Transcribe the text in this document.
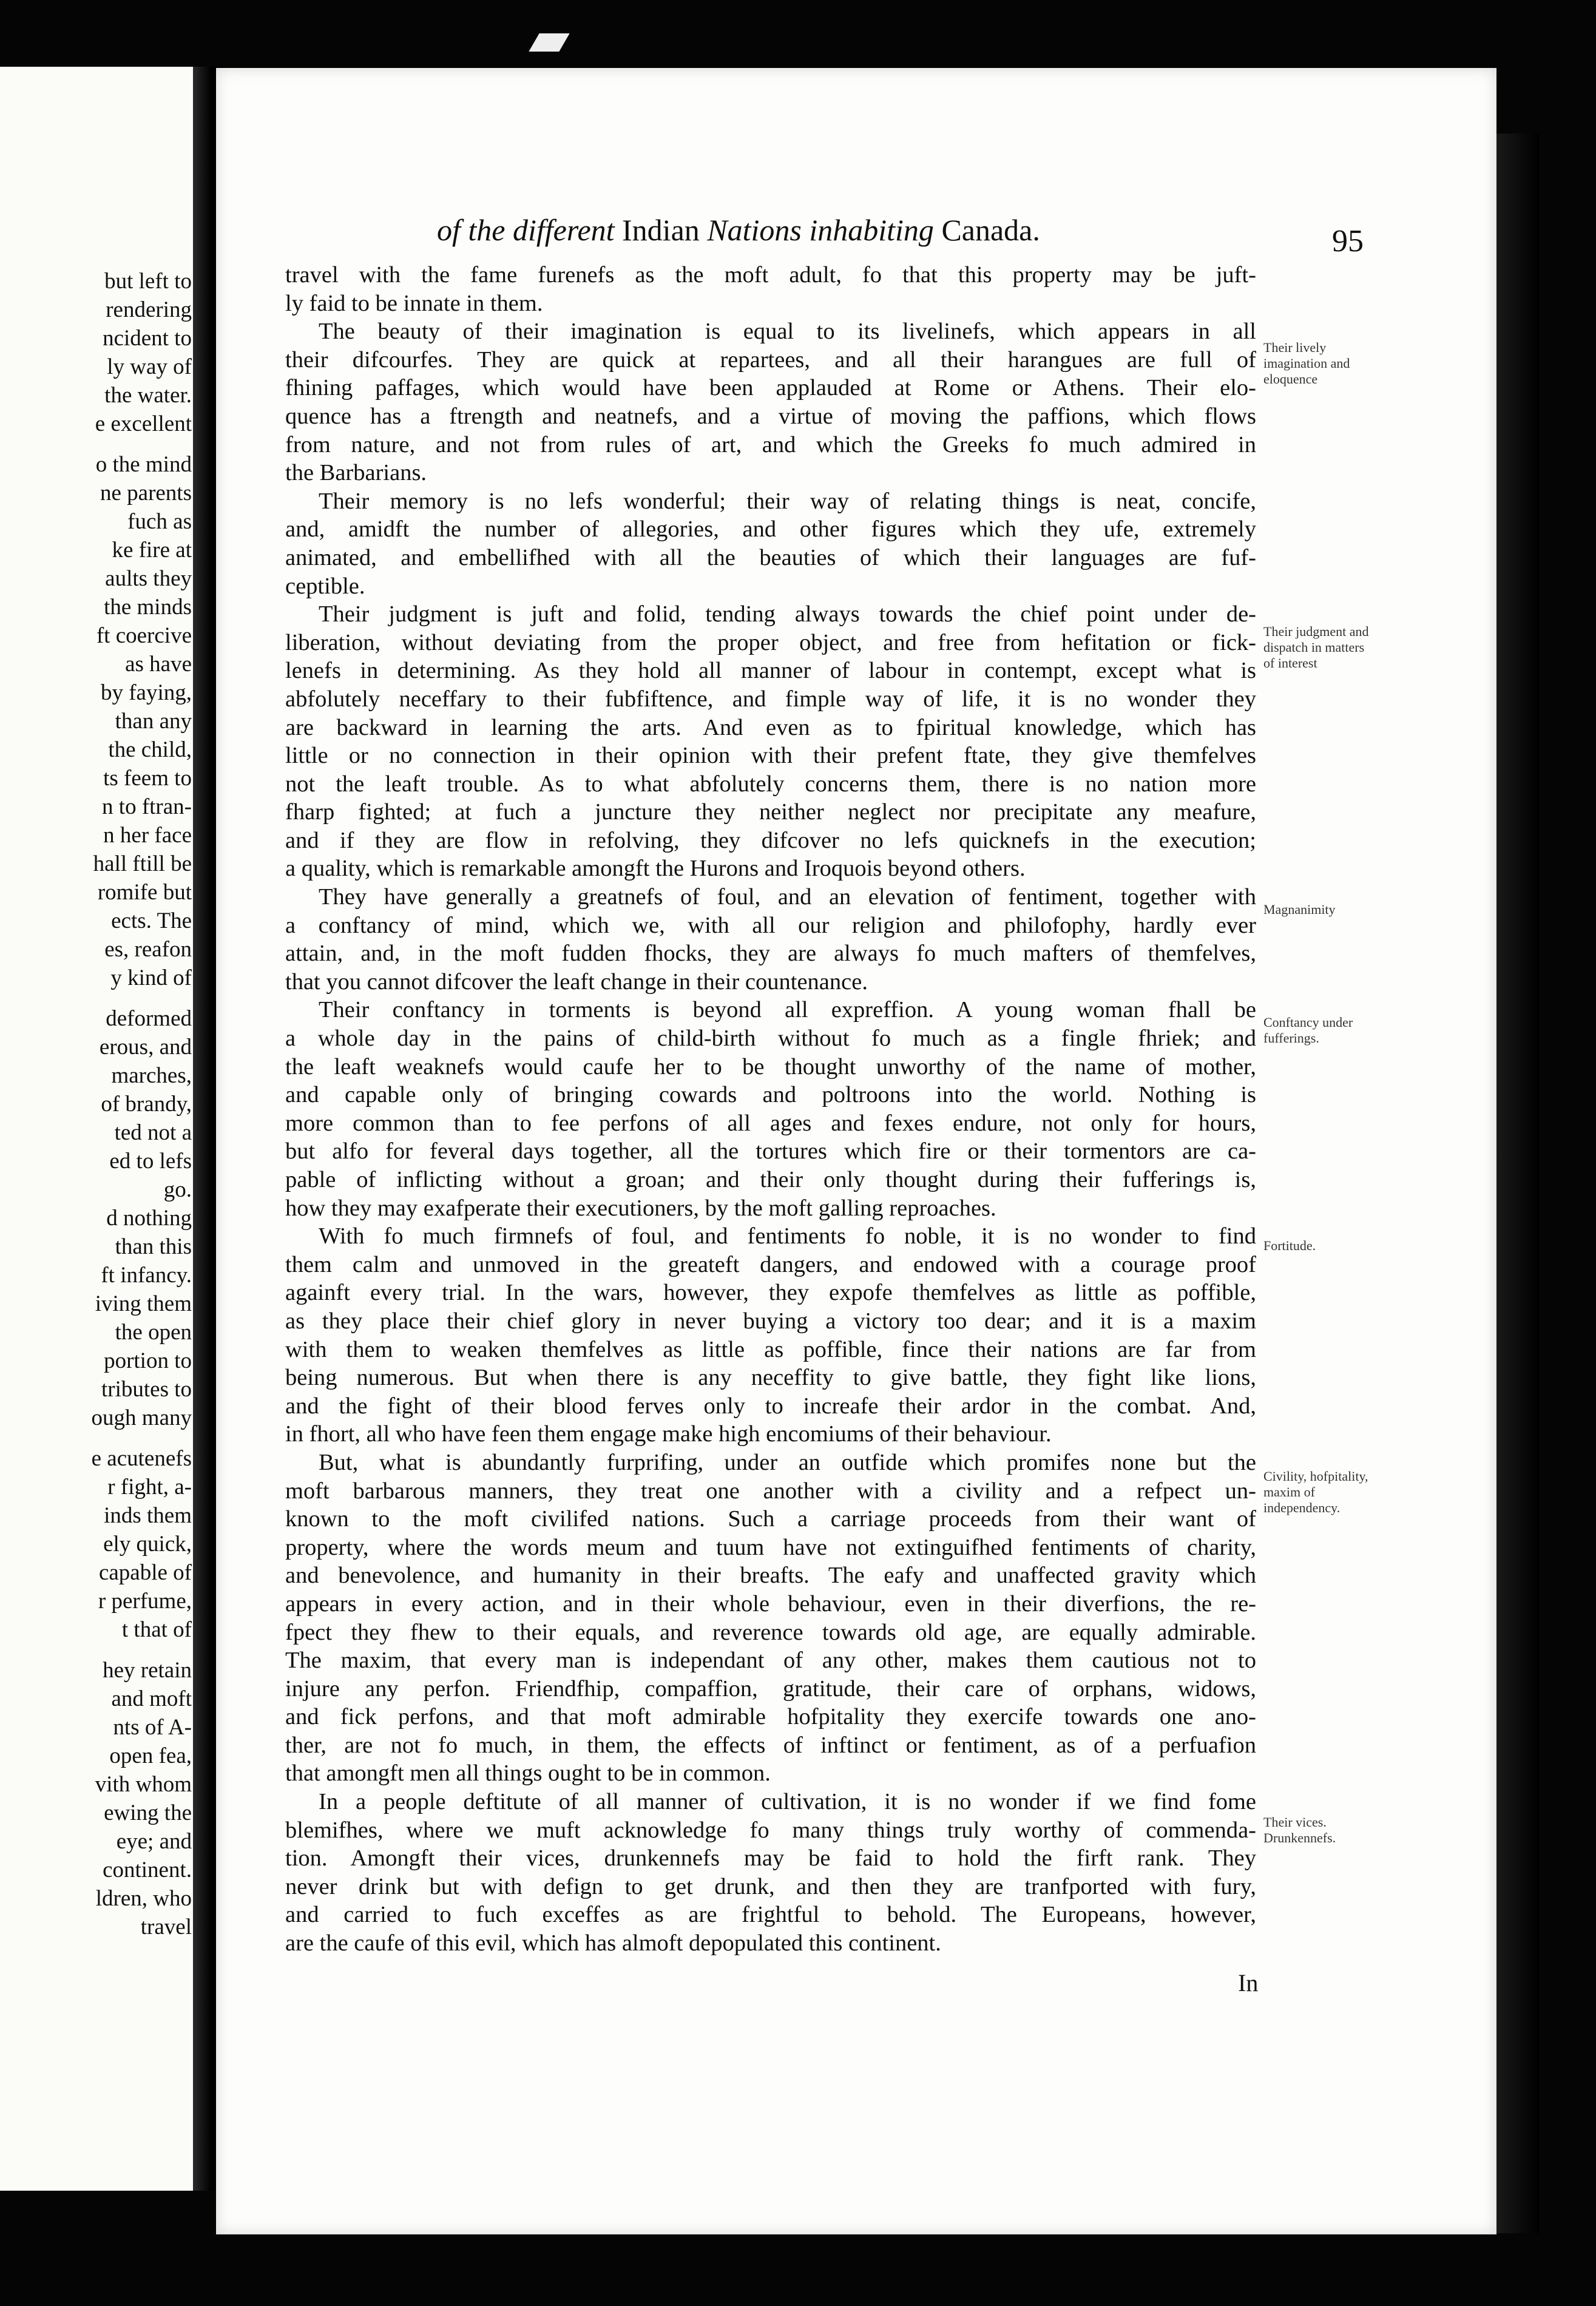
but left to
rendering
ncident to
ly way of
the water.
e excellent
o the mind
ne parents
fuch as
ke fire at
aults they
the minds
ft coercive
as have
by faying,
than any
the child,
ts feem to
n to ftran-
n her face
hall ftill be
romife but
ects. The
es, reafon
y kind of
deformed
erous, and
marches,
of brandy,
ted not a
ed to lefs
go.
d nothing
than this
ft infancy.
iving them
the open
portion to
tributes to
ough many
e acutenefs
r fight, a-
inds them
ely quick,
capable of
r perfume,
t that of
hey retain
and moft
nts of A-
open fea,
vith whom
ewing the
eye; and
continent.
ldren, who
travel
of the different Indian Nations inhabiting Canada.	95
travel with the fame furenefs as the moft adult, fo that this property may be juft-
ly faid to be innate in them.
The beauty of their imagination is equal to its livelinefs, which appears in all
their difcourfes. They are quick at repartees, and all their harangues are full of
fhining paffages, which would have been applauded at Rome or Athens. Their elo-
quence has a ftrength and neatnefs, and a virtue of moving the paffions, which flows
from nature, and not from rules of art, and which the Greeks fo much admired in
the Barbarians.
Their memory is no lefs wonderful; their way of relating things is neat, concife,
and, amidft the number of allegories, and other figures which they ufe, extremely
animated, and embellifhed with all the beauties of which their languages are fuf-
ceptible.
Their judgment is juft and folid, tending always towards the chief point under de-
liberation, without deviating from the proper object, and free from hefitation or fick-
lenefs in determining. As they hold all manner of labour in contempt, except what is
abfolutely neceffary to their fubfiftence, and fimple way of life, it is no wonder they
are backward in learning the arts. And even as to fpiritual knowledge, which has
little or no connection in their opinion with their prefent ftate, they give themfelves
not the leaft trouble. As to what abfolutely concerns them, there is no nation more
fharp fighted; at fuch a juncture they neither neglect nor precipitate any meafure,
and if they are flow in refolving, they difcover no lefs quicknefs in the execution;
a quality, which is remarkable amongft the Hurons and Iroquois beyond others.
They have generally a greatnefs of foul, and an elevation of fentiment, together with
a conftancy of mind, which we, with all our religion and philofophy, hardly ever
attain, and, in the moft fudden fhocks, they are always fo much mafters of themfelves,
that you cannot difcover the leaft change in their countenance.
Their conftancy in torments is beyond all expreffion. A young woman fhall be
a whole day in the pains of child-birth without fo much as a fingle fhriek; and
the leaft weaknefs would caufe her to be thought unworthy of the name of mother,
and capable only of bringing cowards and poltroons into the world. Nothing is
more common than to fee perfons of all ages and fexes endure, not only for hours,
but alfo for feveral days together, all the tortures which fire or their tormentors are ca-
pable of inflicting without a groan; and their only thought during their fufferings is,
how they may exafperate their executioners, by the moft galling reproaches.
With fo much firmnefs of foul, and fentiments fo noble, it is no wonder to find
them calm and unmoved in the greateft dangers, and endowed with a courage proof
againft every trial. In the wars, however, they expofe themfelves as little as poffible,
as they place their chief glory in never buying a victory too dear; and it is a maxim
with them to weaken themfelves as little as poffible, fince their nations are far from
being numerous. But when there is any neceffity to give battle, they fight like lions,
and the fight of their blood ferves only to increafe their ardor in the combat. And,
in fhort, all who have feen them engage make high encomiums of their behaviour.
But, what is abundantly furprifing, under an outfide which promifes none but the
moft barbarous manners, they treat one another with a civility and a refpect un-
known to the moft civilifed nations. Such a carriage proceeds from their want of
property, where the words meum and tuum have not extinguifhed fentiments of charity,
and benevolence, and humanity in their breafts. The eafy and unaffected gravity which
appears in every action, and in their whole behaviour, even in their diverfions, the re-
fpect they fhew to their equals, and reverence towards old age, are equally admirable.
The maxim, that every man is independant of any other, makes them cautious not to
injure any perfon. Friendfhip, compaffion, gratitude, their care of orphans, widows,
and fick perfons, and that moft admirable hofpitality they exercife towards one ano-
ther, are not fo much, in them, the effects of inftinct or fentiment, as of a perfuafion
that amongft men all things ought to be in common.
In a people deftitute of all manner of cultivation, it is no wonder if we find fome
blemifhes, where we muft acknowledge fo many things truly worthy of commenda-
tion. Amongft their vices, drunkennefs may be faid to hold the firft rank. They
never drink but with defign to get drunk, and then they are tranfported with fury,
and carried to fuch exceffes as are frightful to behold. The Europeans, however,
are the caufe of this evil, which has almoft depopulated this continent.
Their lively imagination and eloquence
Their judgment and dispatch in matters of interest
Magnanimity
Conftancy under fufferings.
Fortitude.
Civility, hofpitality, maxim of independency.
Their vices. Drunkennefs.
In
